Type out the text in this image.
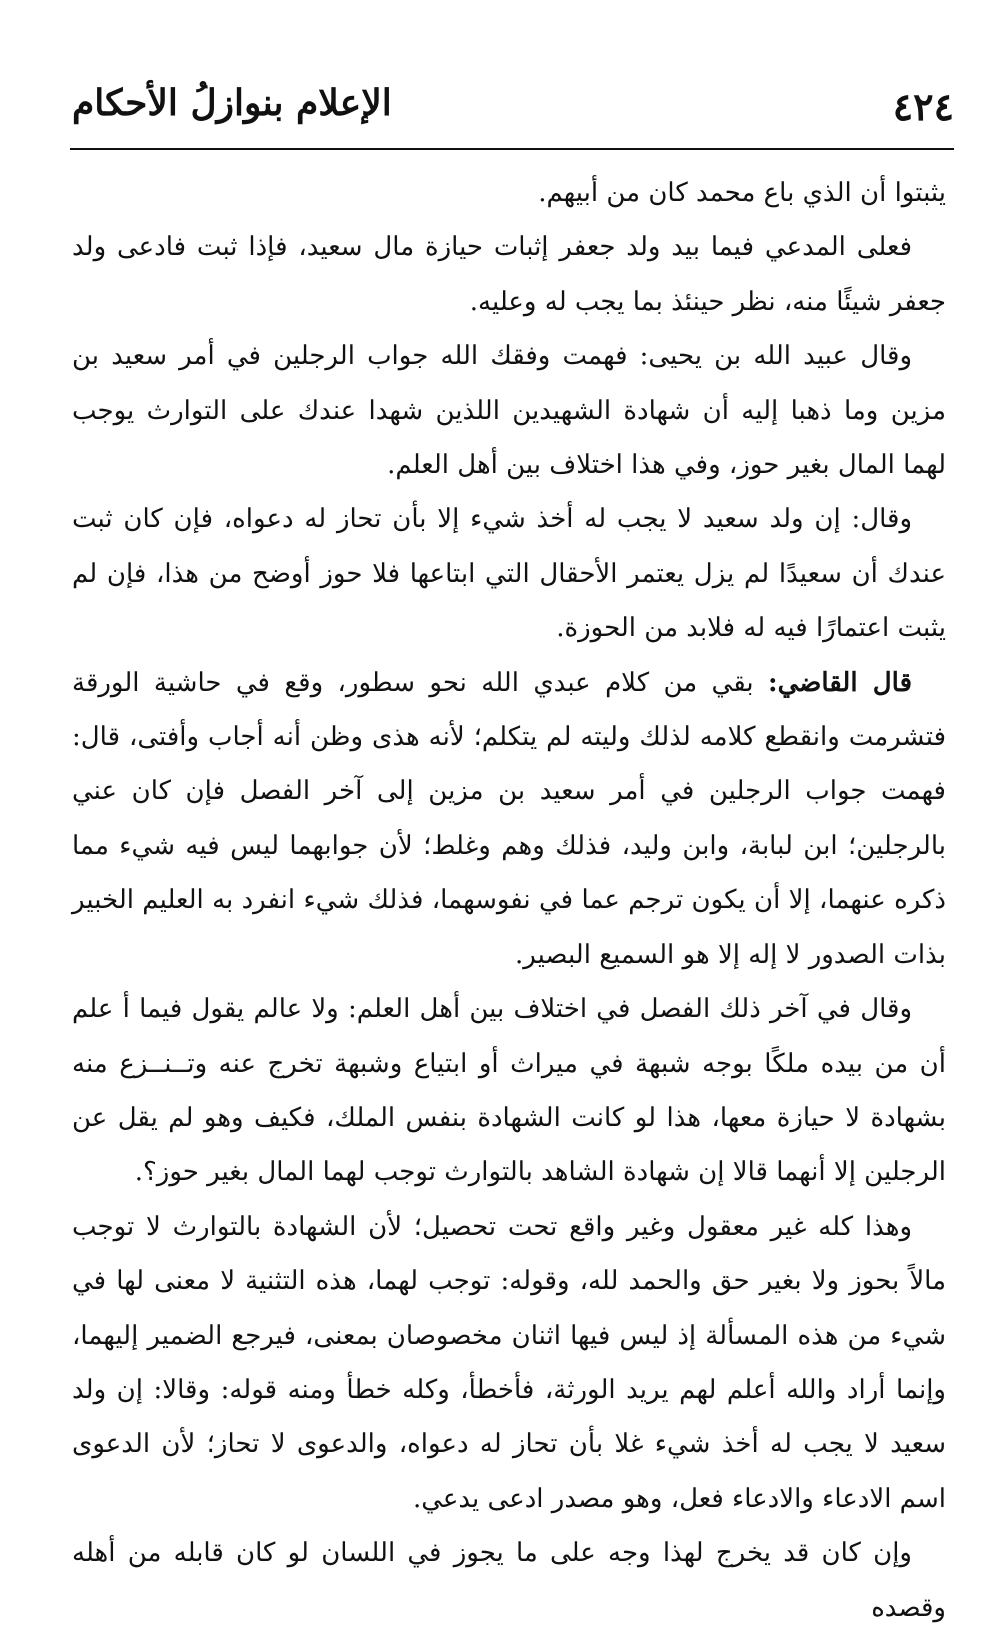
٤٢٤
الإعلام بنوازلُ الأحكام

يثبتوا أن الذي باع محمد كان من أبيهم.

فعلى المدعي فيما بيد ولد جعفر إثبات حيازة مال سعيد، فإذا ثبت فادعى ولد جعفر شيئًا منه، نظر حينئذ بما يجب له وعليه.

وقال عبيد الله بن يحيى: فهمت وفقك الله جواب الرجلين في أمر سعيد بن مزين وما ذهبا إليه أن شهادة الشهيدين اللذين شهدا عندك على التوارث يوجب لهما المال بغير حوز، وفي هذا اختلاف بين أهل العلم.

وقال: إن ولد سعيد لا يجب له أخذ شيء إلا بأن تحاز له دعواه، فإن كان ثبت عندك أن سعيدًا لم يزل يعتمر الأحقال التي ابتاعها فلا حوز أوضح من هذا، فإن لم يثبت اعتمارًا فيه له فلابد من الحوزة.

قال القاضي: بقي من كلام عبدي الله نحو سطور، وقع في حاشية الورقة فتشرمت وانقطع كلامه لذلك وليته لم يتكلم؛ لأنه هذى وظن أنه أجاب وأفتى، قال: فهمت جواب الرجلين في أمر سعيد بن مزين إلى آخر الفصل فإن كان عني بالرجلين؛ ابن لبابة، وابن وليد، فذلك وهم وغلط؛ لأن جوابهما ليس فيه شيء مما ذكره عنهما، إلا أن يكون ترجم عما في نفوسهما، فذلك شيء انفرد به العليم الخبير بذات الصدور لا إله إلا هو السميع البصير.

وقال في آخر ذلك الفصل في اختلاف بين أهل العلم: ولا عالم يقول فيما أ علم أن من بيده ملكًا بوجه شبهة في ميراث أو ابتياع وشبهة تخرج عنه وتــنــزع منه بشهادة لا حيازة معها، هذا لو كانت الشهادة بنفس الملك، فكيف وهو لم يقل عن الرجلين إلا أنهما قالا إن شهادة الشاهد بالتوارث توجب لهما المال بغير حوز؟.

وهذا كله غير معقول وغير واقع تحت تحصيل؛ لأن الشهادة بالتوارث لا توجب مالاً بحوز ولا بغير حق والحمد لله، وقوله: توجب لهما، هذه التثنية لا معنى لها في شيء من هذه المسألة إذ ليس فيها اثنان مخصوصان بمعنى، فيرجع الضمير إليهما، وإنما أراد والله أعلم لهم يريد الورثة، فأخطأ، وكله خطأ ومنه قوله: وقالا: إن ولد سعيد لا يجب له أخذ شيء غلا بأن تحاز له دعواه، والدعوى لا تحاز؛ لأن الدعوى اسم الادعاء والادعاء فعل، وهو مصدر ادعى يدعي.

وإن كان قد يخرج لهذا وجه على ما يجوز في اللسان لو كان قابله من أهله وقصده
